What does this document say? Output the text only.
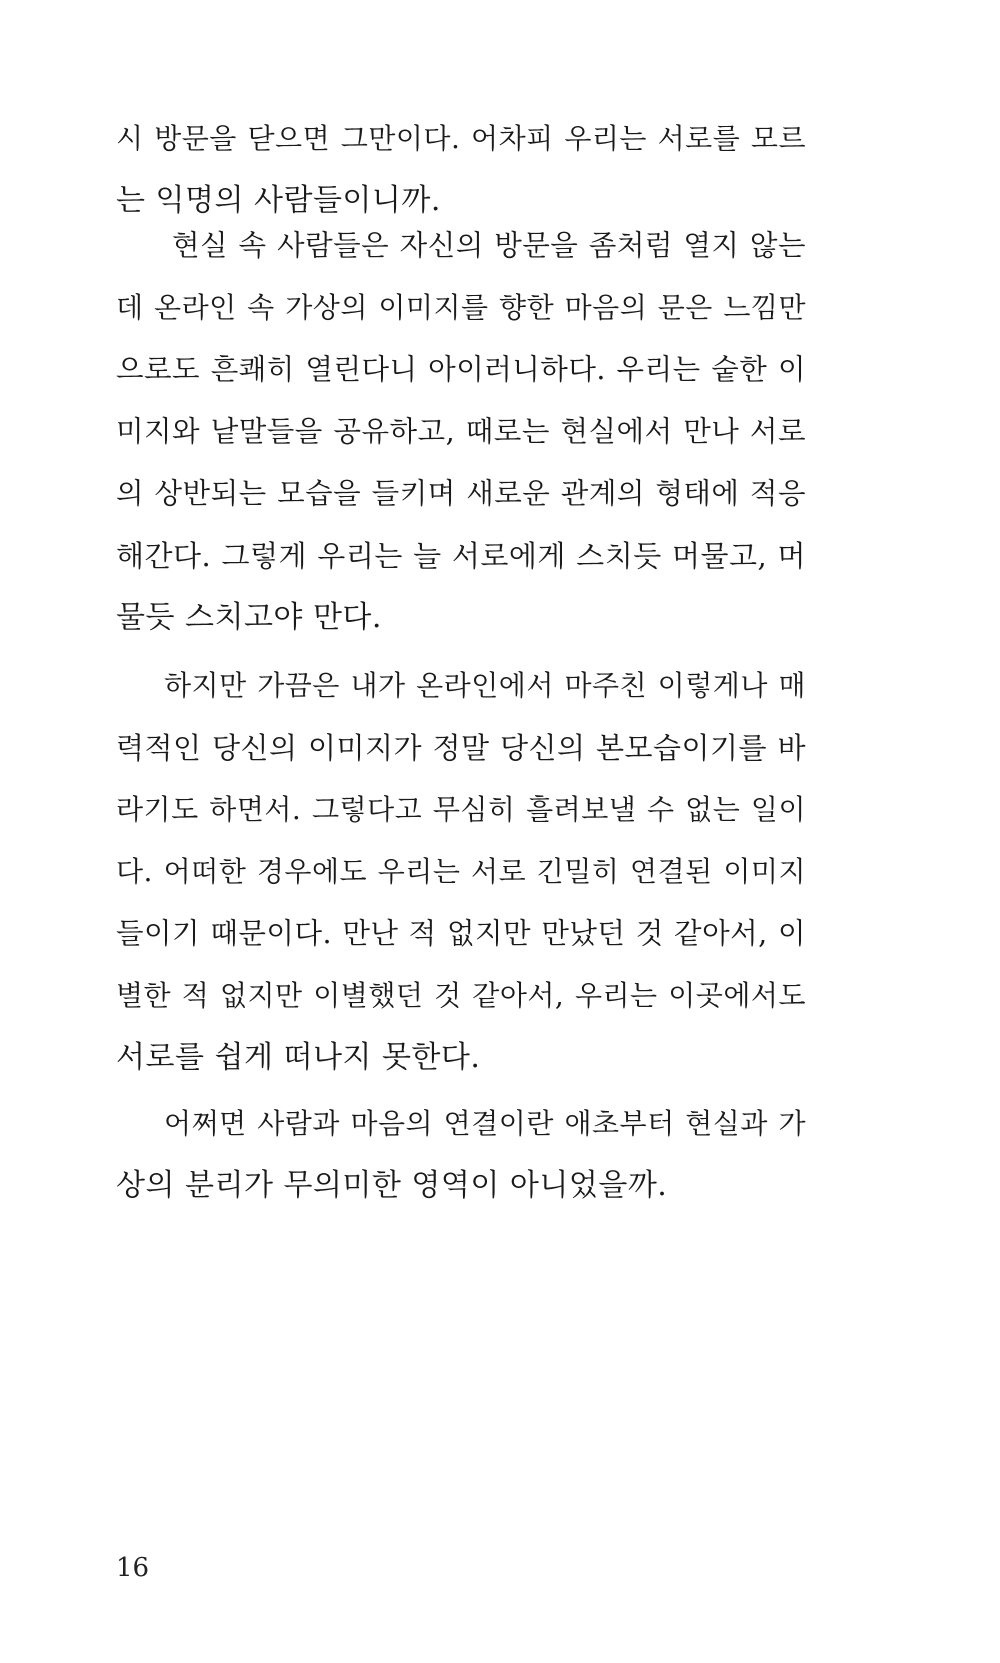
시 방문을 닫으면 그만이다. 어차피 우리는 서로를 모르
는 익명의 사람들이니까.
현실 속 사람들은 자신의 방문을 좀처럼 열지 않는
데 온라인 속 가상의 이미지를 향한 마음의 문은 느낌만
으로도 흔쾌히 열린다니 아이러니하다. 우리는 숱한 이
미지와 낱말들을 공유하고, 때로는 현실에서 만나 서로
의 상반되는 모습을 들키며 새로운 관계의 형태에 적응
해간다. 그렇게 우리는 늘 서로에게 스치듯 머물고, 머
물듯 스치고야 만다.
하지만 가끔은 내가 온라인에서 마주친 이렇게나 매
력적인 당신의 이미지가 정말 당신의 본모습이기를 바
라기도 하면서. 그렇다고 무심히 흘려보낼 수 없는 일이
다. 어떠한 경우에도 우리는 서로 긴밀히 연결된 이미지
들이기 때문이다. 만난 적 없지만 만났던 것 같아서, 이
별한 적 없지만 이별했던 것 같아서, 우리는 이곳에서도
서로를 쉽게 떠나지 못한다.
어쩌면 사람과 마음의 연결이란 애초부터 현실과 가
상의 분리가 무의미한 영역이 아니었을까.
16
